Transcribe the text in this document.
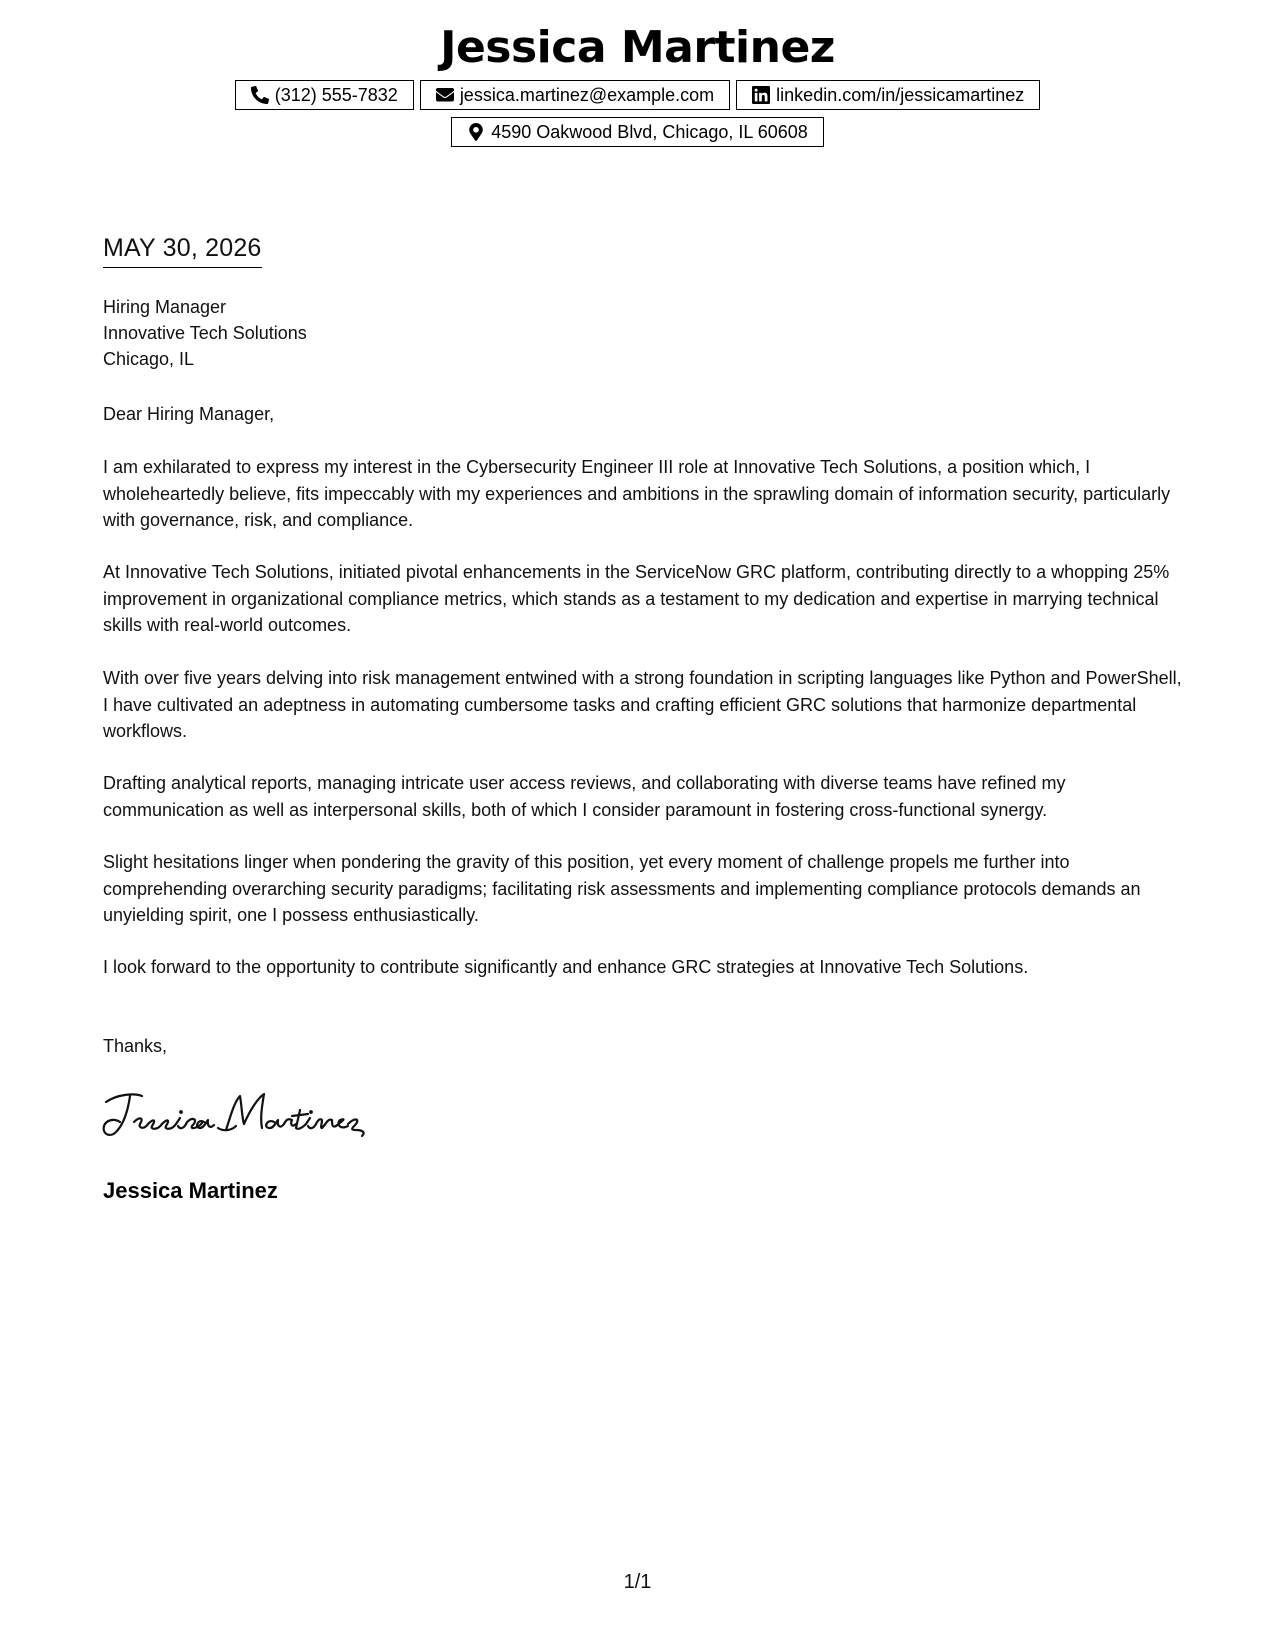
Jessica Martinez
(312) 555-7832	jessica.martinez@example.com	linkedin.com/in/jessicamartinez
4590 Oakwood Blvd, Chicago, IL 60608
MAY 30, 2026
Hiring Manager
Innovative Tech Solutions
Chicago, IL
Dear Hiring Manager,
I am exhilarated to express my interest in the Cybersecurity Engineer III role at Innovative Tech Solutions, a position which, I wholeheartedly believe, fits impeccably with my experiences and ambitions in the sprawling domain of information security, particularly with governance, risk, and compliance.
At Innovative Tech Solutions, initiated pivotal enhancements in the ServiceNow GRC platform, contributing directly to a whopping 25% improvement in organizational compliance metrics, which stands as a testament to my dedication and expertise in marrying technical skills with real-world outcomes.
With over five years delving into risk management entwined with a strong foundation in scripting languages like Python and PowerShell, I have cultivated an adeptness in automating cumbersome tasks and crafting efficient GRC solutions that harmonize departmental workflows.
Drafting analytical reports, managing intricate user access reviews, and collaborating with diverse teams have refined my communication as well as interpersonal skills, both of which I consider paramount in fostering cross-functional synergy.
Slight hesitations linger when pondering the gravity of this position, yet every moment of challenge propels me further into comprehending overarching security paradigms; facilitating risk assessments and implementing compliance protocols demands an unyielding spirit, one I possess enthusiastically.
I look forward to the opportunity to contribute significantly and enhance GRC strategies at Innovative Tech Solutions.
Thanks,
Jessica Martinez
1/1
